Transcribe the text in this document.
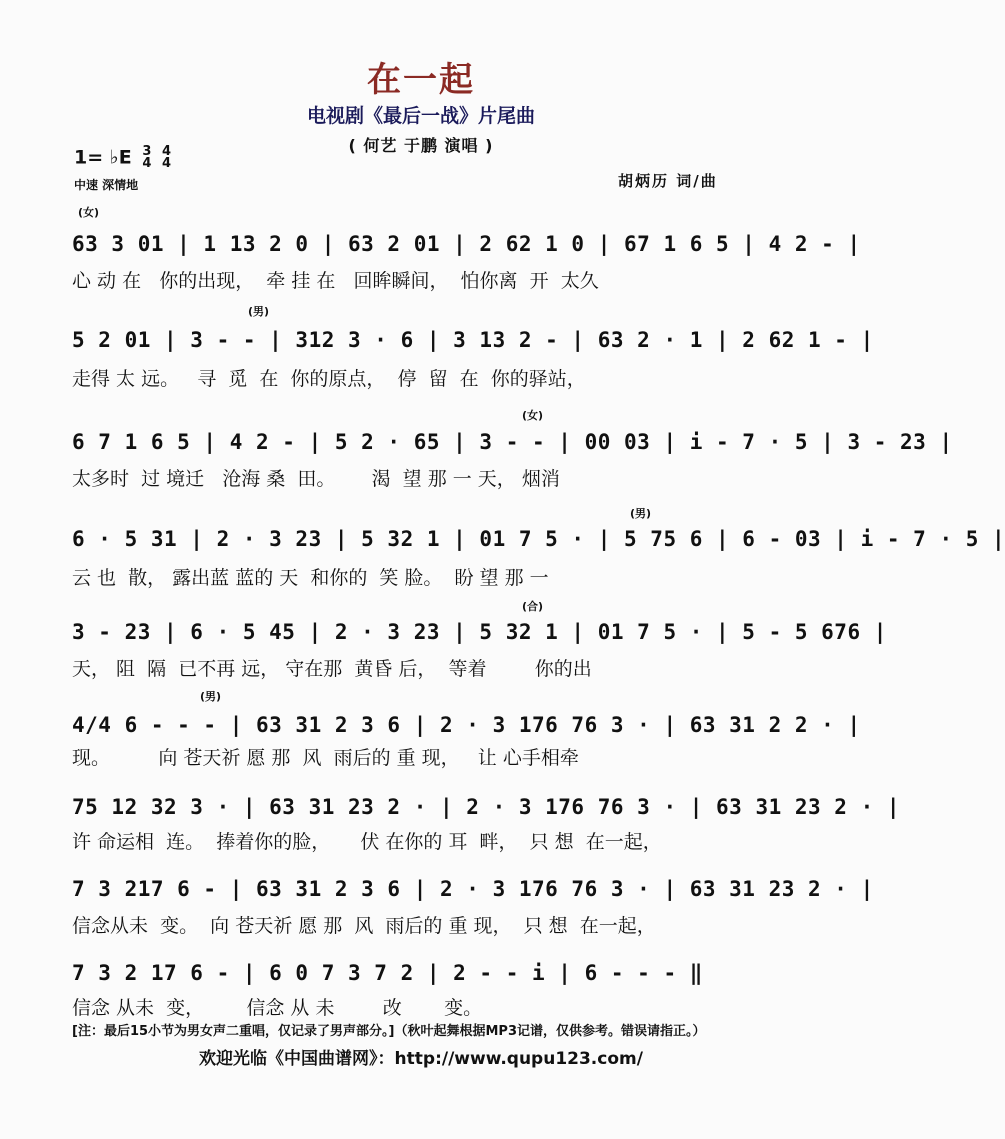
在一起
电视剧《最后一战》片尾曲
( 何艺 于鹏 演唱 )
1= ♭E 3
4

4
4
中速 深情地	胡炳历 词/曲
(女)
(男)
(女)
(男)
(合)
(男)
63 3 01 | 1 13 2 0 | 63 2 01 | 2 62 1 0 | 67 1 6 5 | 4 2 - |
心 动 在   你的出现，  牵 挂 在   回眸瞬间，  怕你离  开  太久
5 2 01 | 3 - - | 312 3 · 6 | 3 13 2 - | 63 2 · 1 | 2 62 1 - |
走得 太 远。   寻  觅  在  你的原点，  停  留  在  你的驿站，
6 7 1 6 5 | 4 2 - | 5 2 · 65 | 3 - - | 00 03 | i - 7 · 5 | 3 - 23 |
太多时  过 境迁   沧海 桑  田。      渴  望 那 一 天， 烟消
6 · 5 31 | 2 · 3 23 | 5 32 1 | 01 7 5 · | 5 75 6 | 6 - 03 | i - 7 · 5 |
云 也  散， 露出蓝 蓝的 天  和你的  笑 脸。  盼 望 那 一
3 - 23 | 6 · 5 45 | 2 · 3 23 | 5 32 1 | 01 7 5 · | 5 - 5 676 |
天， 阻  隔  已不再 远， 守在那  黄昏 后，  等着        你的出
4/4 6 - - - | 63 31 2 3 6 | 2 · 3 176 76 3 · | 63 31 2 2 · |
现。        向 苍天祈 愿 那  风  雨后的 重 现，   让 心手相牵
75 12 32 3 · | 63 31 23 2 · | 2 · 3 176 76 3 · | 63 31 23 2 · |
许 命运相  连。  捧着你的脸，     伏 在你的 耳  畔，  只 想  在一起，
7 3 217 6 - | 63 31 2 3 6 | 2 · 3 176 76 3 · | 63 31 23 2 · |
信念从未  变。  向 苍天祈 愿 那  风  雨后的 重 现，  只 想  在一起，
7 3 2 17 6 - | 6 0 7 3 7 2 | 2 - - i | 6 - - - ‖
信念 从未  变，       信念 从 未        改       变。
[注：最后15小节为男女声二重唱，仅记录了男声部分。]（秋叶起舞根据MP3记谱，仅供参考。错误请指正。）
欢迎光临《中国曲谱网》：http://www.qupu123.com/
